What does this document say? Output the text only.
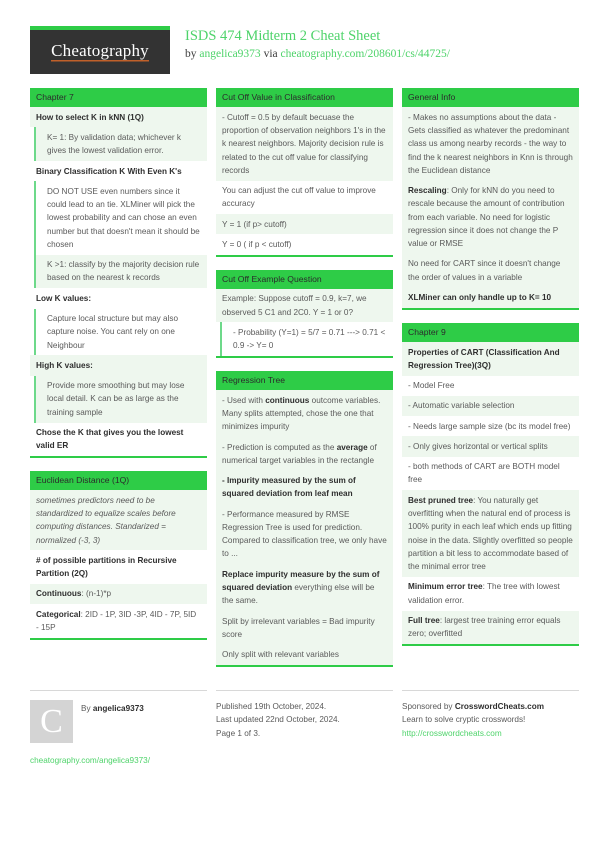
Cheatography
ISDS 474 Midterm 2 Cheat Sheet
by angelica9373 via cheatography.com/208601/cs/44725/
Chapter 7
How to select K in kNN (1Q)
K= 1: By validation data; whichever k gives the lowest validation error.
Binary Classification K With Even K's
DO NOT USE even numbers since it could lead to an tie. XLMiner will pick the lowest probability and can chose an even number but that doesn't mean it should be chosen
K >1: classify by the majority decision rule based on the nearest k records
Low K values:
Capture local structure but may also capture noise. You cant rely on one Neighbour
High K values:
Provide more smoothing but may lose local detail. K can be as large as the training sample
Chose the K that gives you the lowest valid ER
Euclidean Distance (1Q)
sometimes predictors need to be standardized to equalize scales before computing distances. Standarized = normalized (-3, 3)
# of possible partitions in Recursive Partition (2Q)
Continuous: (n-1)*p
Categorical: 2ID - 1P, 3ID -3P, 4ID - 7P, 5ID - 15P
Cut Off Value in Classification
- Cutoff = 0.5 by default becuase the proportion of observation neighbors 1's in the k nearest neighbors. Majority decision rule is related to the cut off value for classifying records
You can adjust the cut off value to improve accuracy
Y = 1 (if p> cutoff)
Y = 0 ( if p < cutoff)
Cut Off Example Question
Example: Suppose cutoff = 0.9, k=7, we observed 5 C1 and 2C0. Y = 1 or 0?
- Probability (Y=1) = 5/7 = 0.71 ---> 0.71 < 0.9 -> Y= 0
Regression Tree
- Used with continuous outcome variables. Many splits attempted, chose the one that minimizes impurity
- Prediction is computed as the average of numerical target variables in the rectangle
- Impurity measured by the sum of squared deviation from leaf mean
- Performance measured by RMSE Regression Tree is used for prediction. Compared to classification tree, we only have to ...
Replace impurity measure by the sum of squared deviation everything else will be the same.
Split by irrelevant variables = Bad impurity score
Only split with relevant variables
General Info
- Makes no assumptions about the data - Gets classified as whatever the predominant class us among nearby records - the way to find the k nearest neighbors in Knn is through the Euclidean distance
Rescaling: Only for kNN do you need to rescale because the amount of contribution from each variable. No need for logistic regression since it does not change the P value or RMSE
No need for CART since it doesn't change the order of values in a variable
XLMiner can only handle up to K= 10
Chapter 9
Properties of CART (Classification And Regression Tree)(3Q)
- Model Free
- Automatic variable selection
- Needs large sample size (bc its model free)
- Only gives horizontal or vertical splits
- both methods of CART are BOTH model free
Best pruned tree: You naturally get overfitting when the natural end of process is 100% purity in each leaf which ends up fitting noise in the data. Slightly overfitted so people partition a bit less to accommodate based of the minimal error tree
Minimum error tree: The tree with lowest validation error.
Full tree: largest tree training error equals zero; overfitted
C	By angelica9373
cheatography.com/angelica9373/
Published 19th October, 2024.
Last updated 22nd October, 2024.
Page 1 of 3.
Sponsored by CrosswordCheats.com
Learn to solve cryptic crosswords!
http://crosswordcheats.com
